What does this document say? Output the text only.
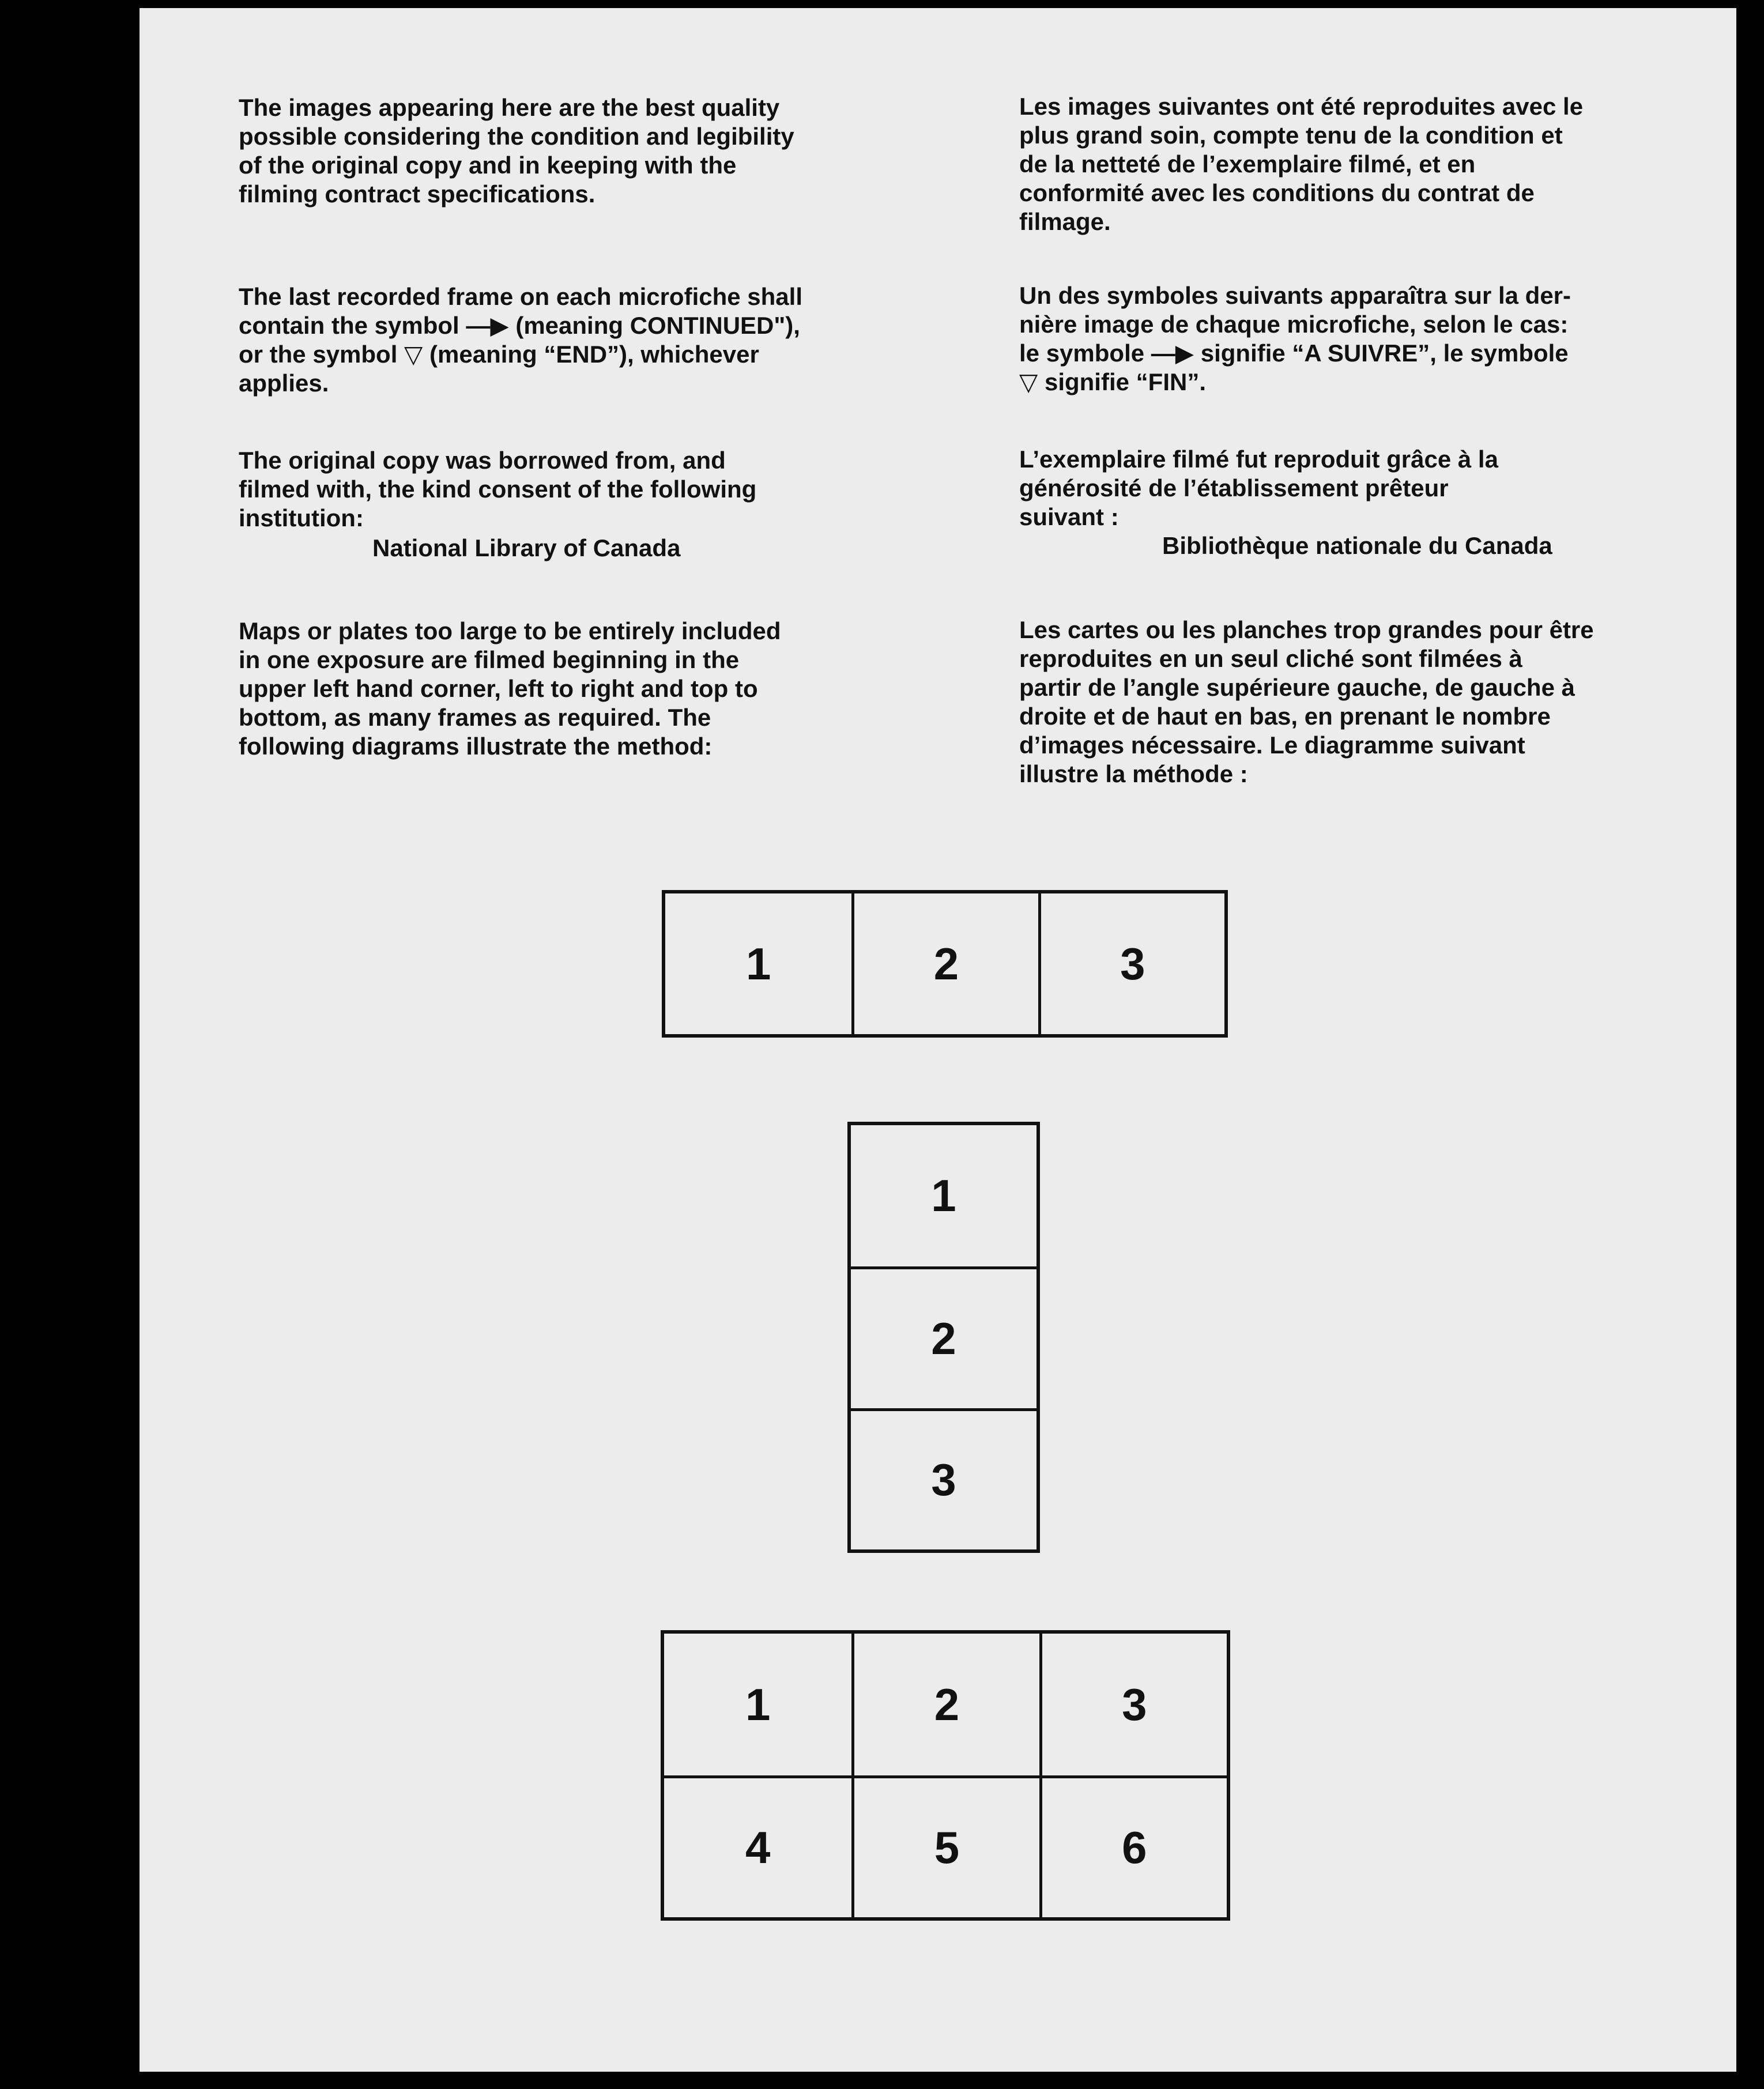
The images appearing here are the best quality
possible considering the condition and legibility
of the original copy and in keeping with the
filming contract specifications.
The last recorded frame on each microfiche shall
contain the symbol —▶ (meaning CONTINUED"),
or the symbol ▽ (meaning “END”), whichever
applies.
The original copy was borrowed from, and
filmed with, the kind consent of the following
institution:
National Library of Canada
Maps or plates too large to be entirely included
in one exposure are filmed beginning in the
upper left hand corner, left to right and top to
bottom, as many frames as required. The
following diagrams illustrate the method:
Les images suivantes ont été reproduites avec le
plus grand soin, compte tenu de la condition et
de la netteté de l’exemplaire filmé, et en
conformité avec les conditions du contrat de
filmage.
Un des symboles suivants apparaîtra sur la der-
nière image de chaque microfiche, selon le cas:
le symbole —▶ signifie “A SUIVRE”, le symbole
▽ signifie “FIN”.
L’exemplaire filmé fut reproduit grâce à la
générosité de l’établissement prêteur
suivant :
Bibliothèque nationale du Canada
Les cartes ou les planches trop grandes pour être
reproduites en un seul cliché sont filmées à
partir de l’angle supérieure gauche, de gauche à
droite et de haut en bas, en prenant le nombre
d’images nécessaire. Le diagramme suivant
illustre la méthode :
1	2	3
1
2
3
1	2	3
4	5	6
